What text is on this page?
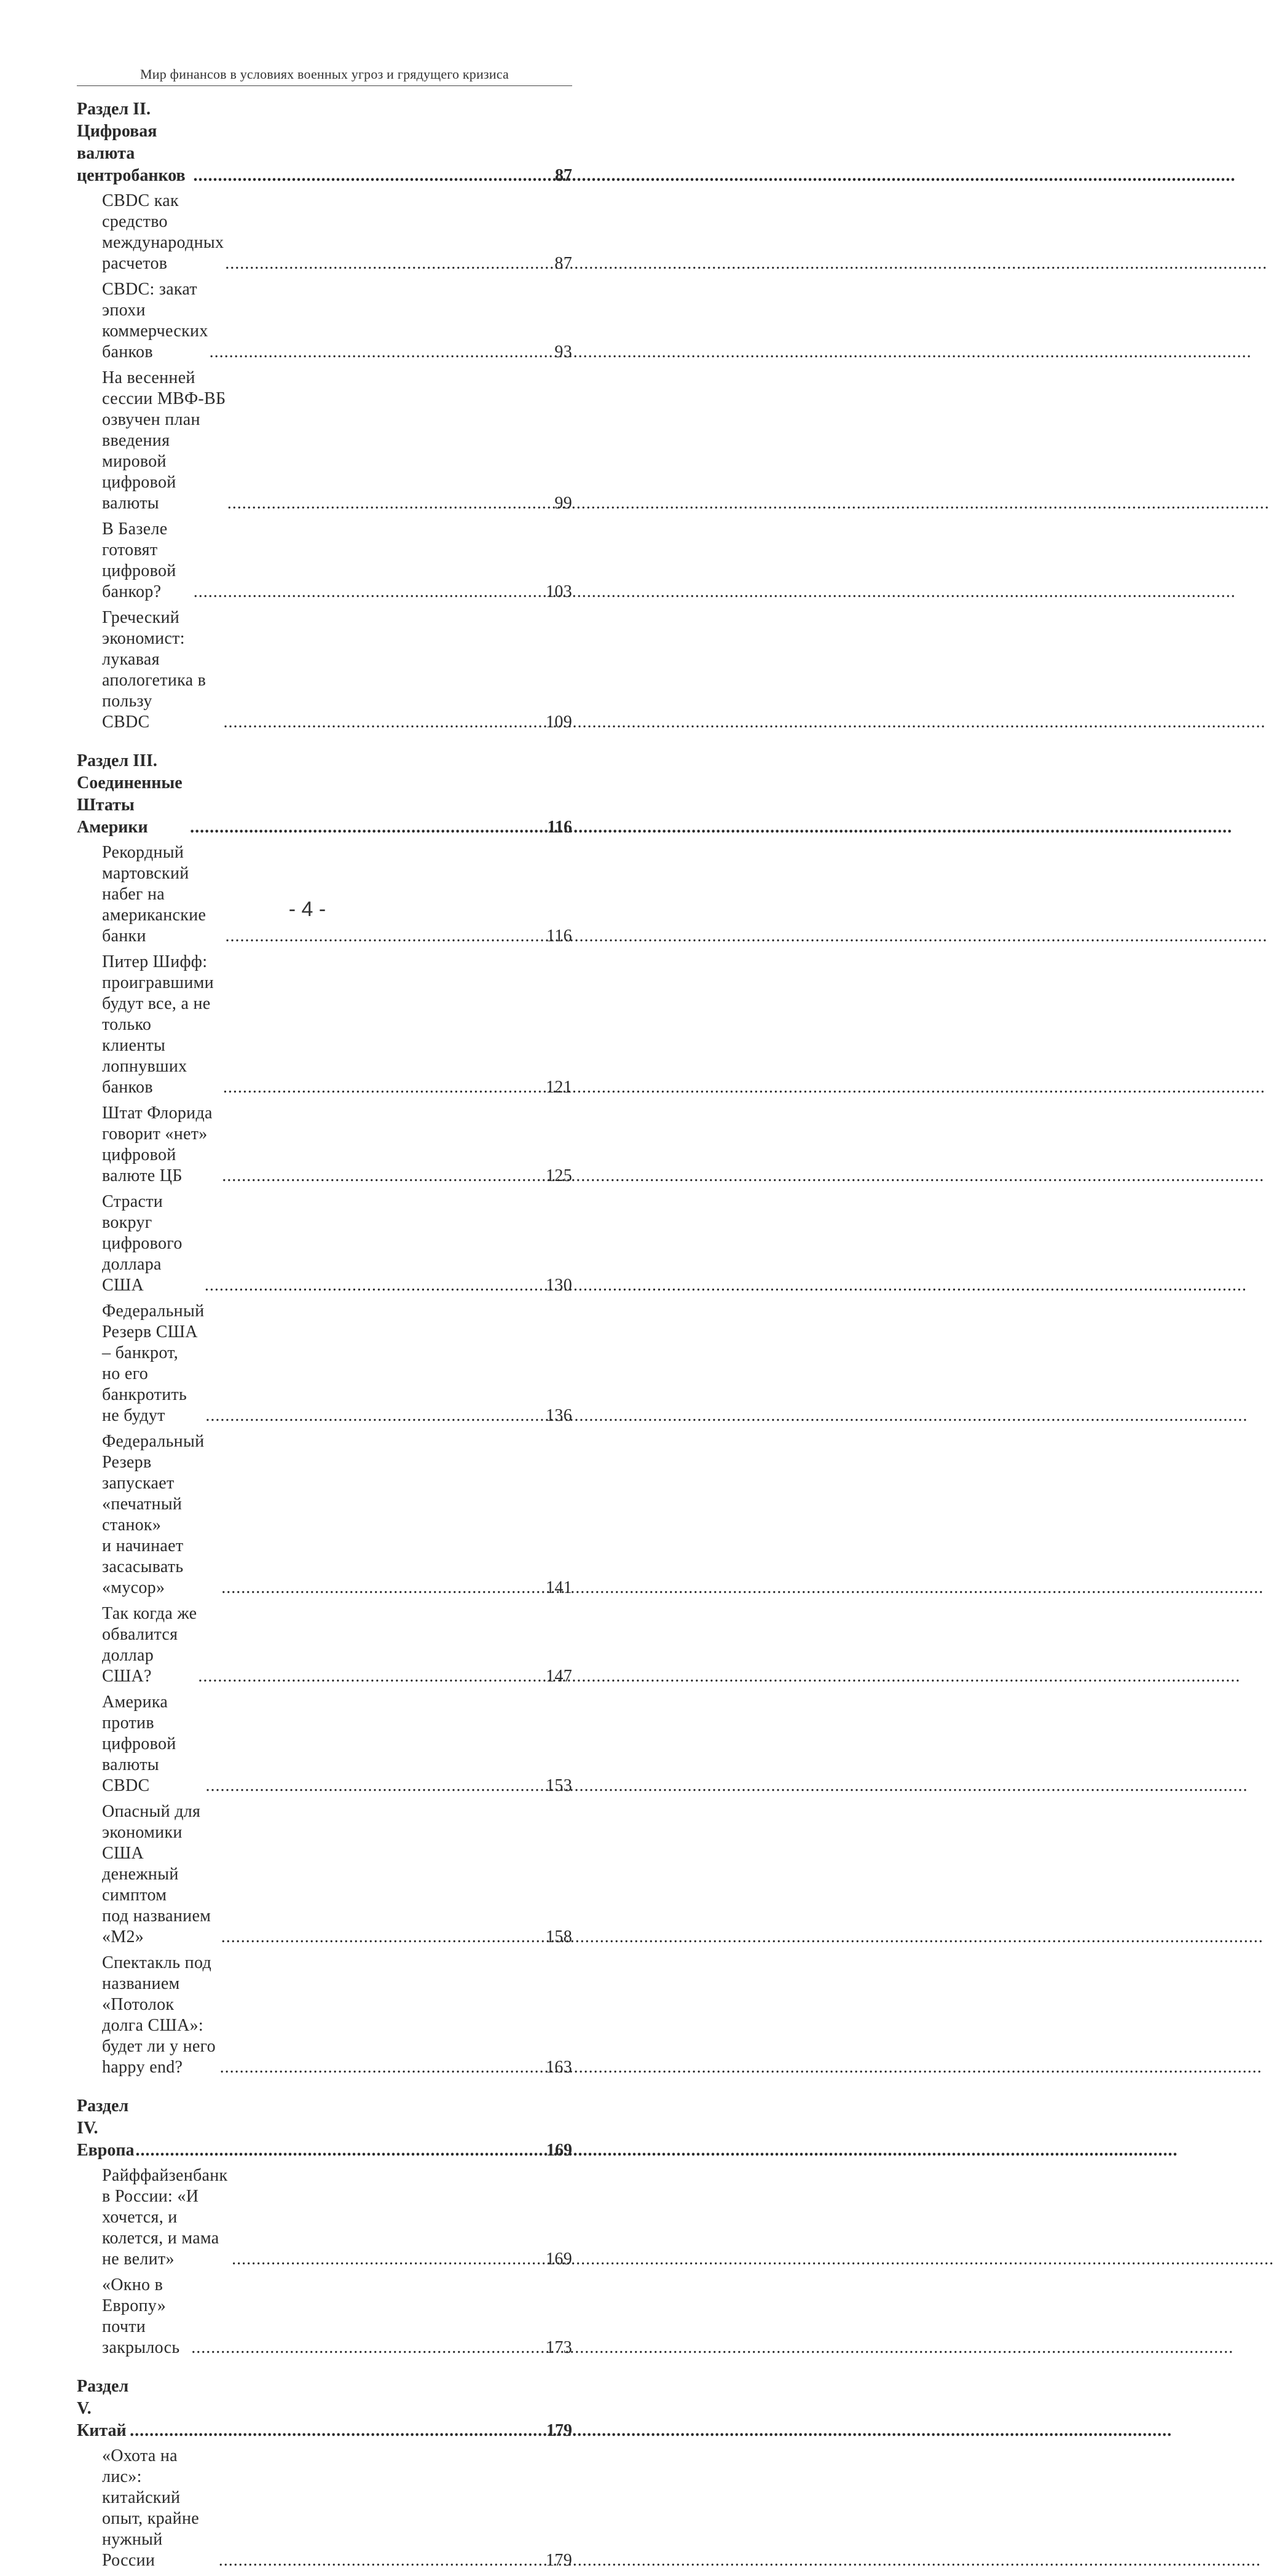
Мир финансов в условиях военных угроз и грядущего кризиса
Раздел II. Цифровая валюта центробанков .....	87
CBDC как средство международных расчетов .....	87
CBDC: закат эпохи коммерческих банков .....	93
На весенней сессии МВФ-ВБ озвучен план введения
мировой цифровой валюты .....	99
В Базеле готовят цифровой банкор? .....	103
Греческий экономист: лукавая апологетика в пользу
CBDC .....	109
Раздел III. Соединенные Штаты Америки .....	116
Рекордный мартовский набег на американские банки .....	116
Питер Шифф: проигравшими будут все, а не только
клиенты лопнувших банков .....	121
Штат Флорида говорит «нет» цифровой валюте ЦБ .....	125
Страсти вокруг цифрового доллара США .....	130
Федеральный Резерв США – банкрот,
но его банкротить не будут .....	136
Федеральный Резерв запускает «печатный станок»
и начинает засасывать «мусор» .....	141
Так когда же обвалится доллар США? .....	147
Америка против цифровой валюты CBDC .....	153
Опасный для экономики США денежный симптом
под названием «М2» .....	158
Спектакль под названием «Потолок долга США»:
будет ли у него happy end? .....	163
Раздел IV. Европа .....	169
Райффайзенбанк в России: «И хочется, и колется, и мама
не велит» .....	169
«Окно в Европу» почти закрылось .....	173
Раздел V. Китай .....	179
«Охота на лис»: китайский опыт, крайне нужный
России .....	179
- 4 -
